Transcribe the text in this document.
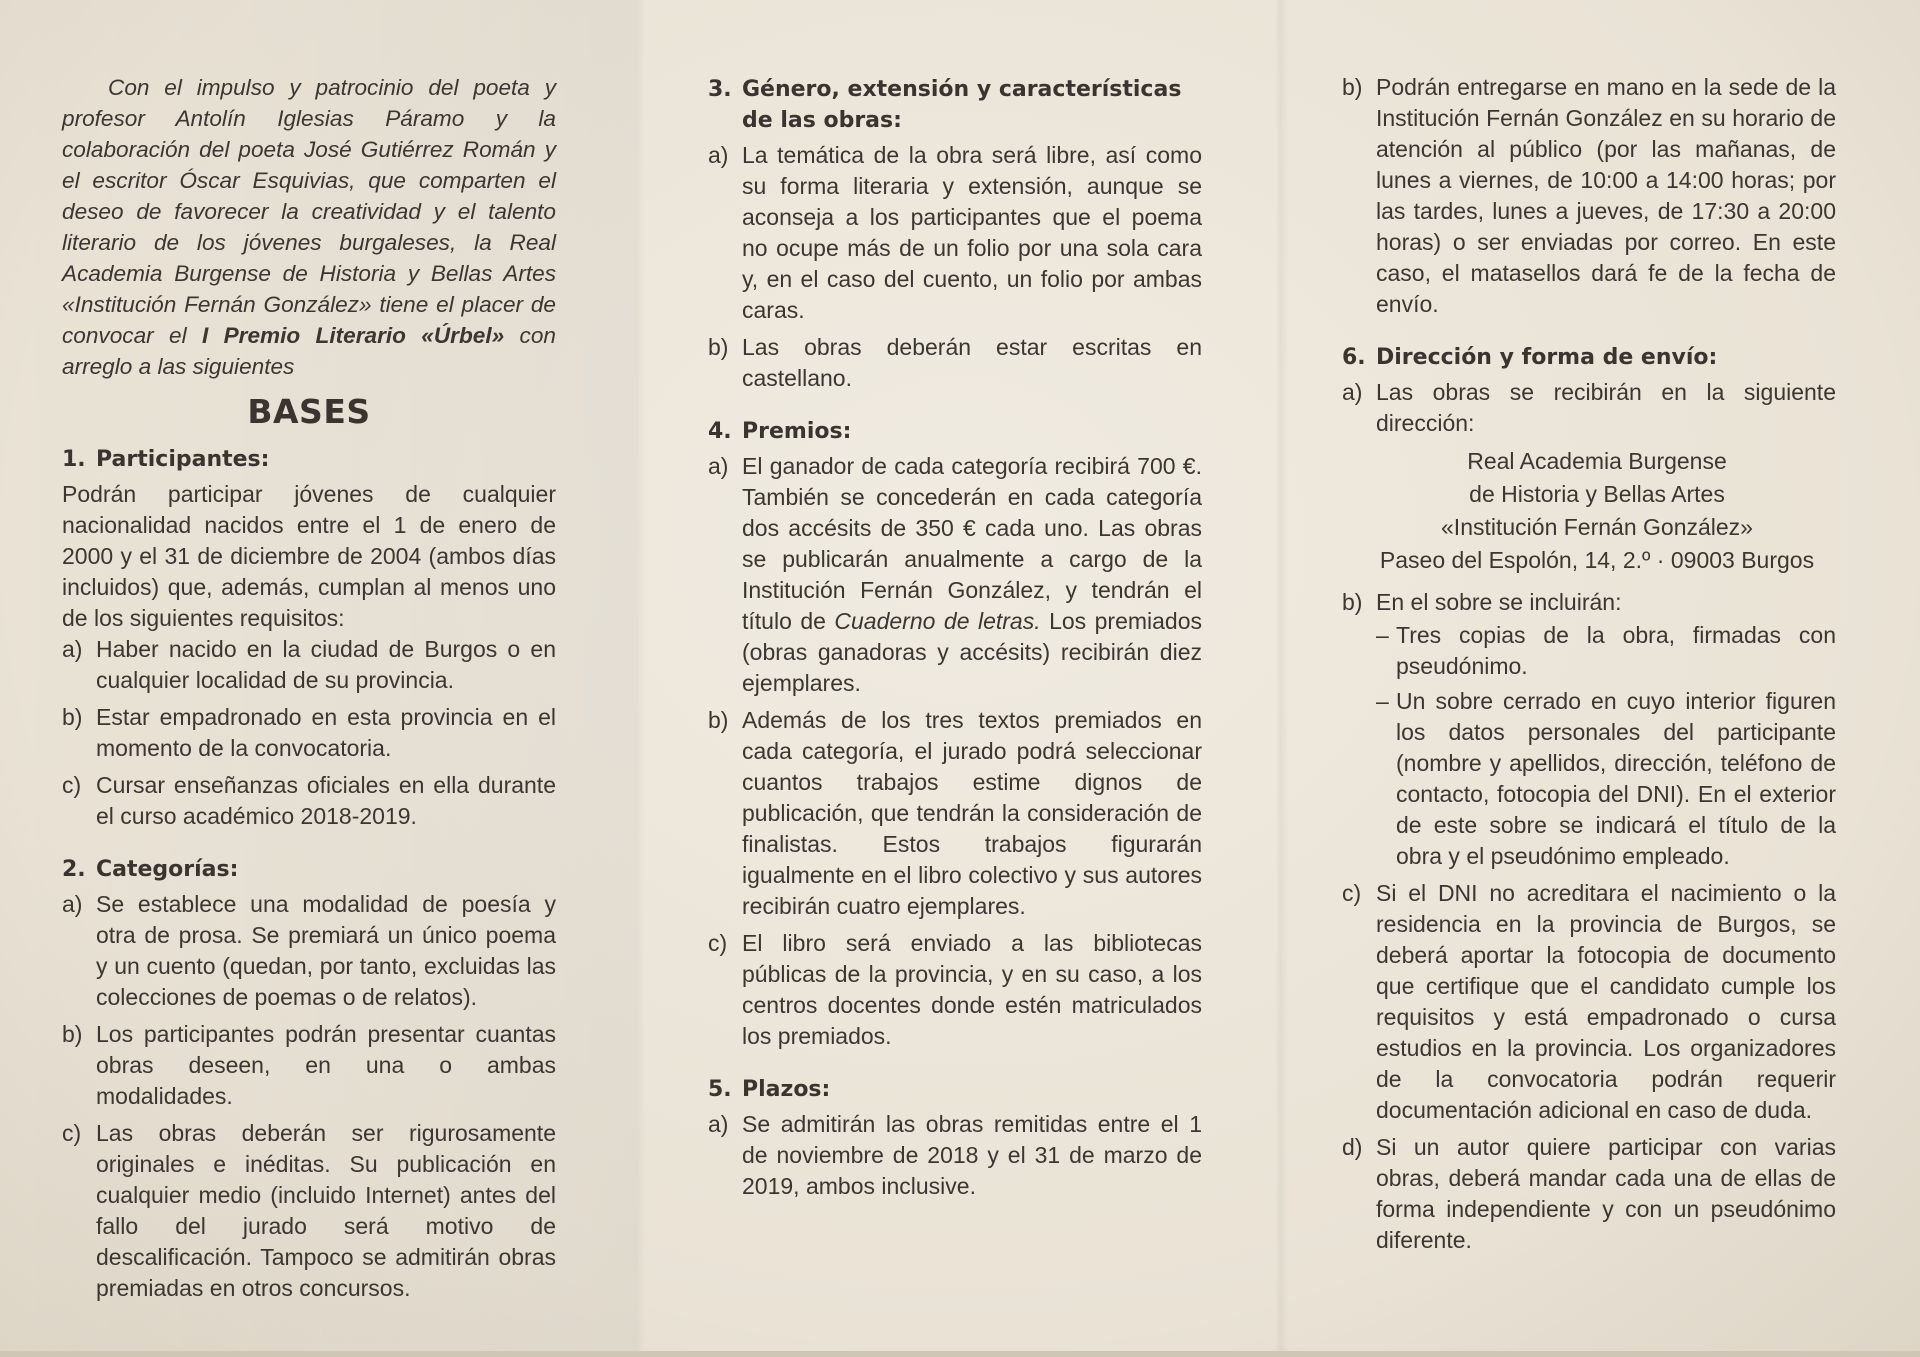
Con el impulso y patrocinio del poeta y profesor Antolín Iglesias Páramo y la colaboración del poeta José Gutiérrez Román y el escritor Óscar Esquivias, que comparten el deseo de favorecer la creatividad y el talento literario de los jóvenes burgaleses, la Real Academia Burgense de Historia y Bellas Artes «Institución Fernán González» tiene el placer de convocar el I Premio Literario «Úrbel» con arreglo a las siguientes

BASES
1. Participantes:

Podrán participar jóvenes de cualquier nacionalidad nacidos entre el 1 de enero de 2000 y el 31 de diciembre de 2004 (ambos días incluidos) que, además, cumplan al menos uno de los siguientes requisitos:

a) Haber nacido en la ciudad de Burgos o en cualquier localidad de su provincia.
b) Estar empadronado en esta provincia en el momento de la convocatoria.
c) Cursar enseñanzas oficiales en ella durante el curso académico 2018-2019.
2. Categorías:
a) Se establece una modalidad de poesía y otra de prosa. Se premiará un único poema y un cuento (quedan, por tanto, excluidas las colecciones de poemas o de relatos).
b) Los participantes podrán presentar cuantas obras deseen, en una o ambas modalidades.
c) Las obras deberán ser rigurosamente originales e inéditas. Su publicación en cualquier medio (incluido Internet) antes del fallo del jurado será motivo de descalificación. Tampoco se admitirán obras premiadas en otros concursos.
3. Género, extensión y características
de las obras:
a) La temática de la obra será libre, así como su forma literaria y extensión, aunque se aconseja a los participantes que el poema no ocupe más de un folio por una sola cara y, en el caso del cuento, un folio por ambas caras.
b) Las obras deberán estar escritas en castellano.
4. Premios:
a) El ganador de cada categoría recibirá 700 €. También se concederán en cada categoría dos accésits de 350 € cada uno. Las obras se publicarán anualmente a cargo de la Institución Fernán González, y tendrán el título de Cuaderno de letras. Los premiados (obras ganadoras y accésits) recibirán diez ejemplares.
b) Además de los tres textos premiados en cada categoría, el jurado podrá seleccionar cuantos trabajos estime dignos de publicación, que tendrán la consideración de finalistas. Estos trabajos figurarán igualmente en el libro colectivo y sus autores recibirán cuatro ejemplares.
c) El libro será enviado a las bibliotecas públicas de la provincia, y en su caso, a los centros docentes donde estén matriculados los premiados.
5. Plazos:
a) Se admitirán las obras remitidas entre el 1 de noviembre de 2018 y el 31 de marzo de 2019, ambos inclusive.
b) Podrán entregarse en mano en la sede de la Institución Fernán González en su horario de atención al público (por las mañanas, de lunes a viernes, de 10:00 a 14:00 horas; por las tardes, lunes a jueves, de 17:30 a 20:00 horas) o ser enviadas por correo. En este caso, el matasellos dará fe de la fecha de envío.
6. Dirección y forma de envío:
a) Las obras se recibirán en la siguiente dirección:
Real Academia Burgense
de Historia y Bellas Artes
«Institución Fernán González»
Paseo del Espolón, 14, 2.º · 09003 Burgos
b) En el sobre se incluirán:
– Tres copias de la obra, firmadas con pseudónimo.
– Un sobre cerrado en cuyo interior figuren los datos personales del participante (nombre y apellidos, dirección, teléfono de contacto, fotocopia del DNI). En el exterior de este sobre se indicará el título de la obra y el pseudónimo empleado.
c) Si el DNI no acreditara el nacimiento o la residencia en la provincia de Burgos, se deberá aportar la fotocopia de documento que certifique que el candidato cumple los requisitos y está empadronado o cursa estudios en la provincia. Los organizadores de la convocatoria podrán requerir documentación adicional en caso de duda.
d) Si un autor quiere participar con varias obras, deberá mandar cada una de ellas de forma independiente y con un pseudónimo diferente.
